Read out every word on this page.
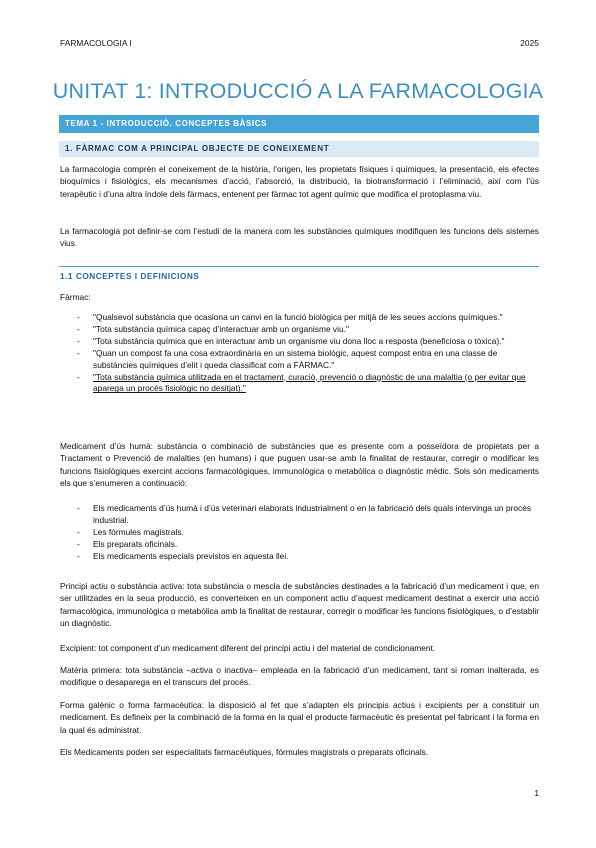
FARMACOLOGIA I	2025
UNITAT 1: INTRODUCCIÓ A LA FARMACOLOGIA
TEMA 1 - INTRODUCCIÓ. CONCEPTES BÀSICS
1. FÀRMAC COM A PRINCIPAL OBJECTE DE CONEIXEMENT
La farmacologia comprèn el coneixement de la història, l’origen, les propietats físiques i químiques, la presentació, els efectes bioquímics i fisiològics, els mecanismes d’acció, l’absorció, la distribució, la biotransformació i l’eliminació, així com l’ús terapèutic i d’una altra índole dels fàrmacs, entenent per fàrmac tot agent químic que modifica el protoplasma viu.
La farmacologia pot definir-se com l’estudi de la manera com les substàncies químiques modifiquen les funcions dels sistemes vius.
1.1 CONCEPTES I DEFINICIONS
Fàrmac:
- "Qualsevol substància que ocasiona un canvi en la funció biològica per mitjà de les seues accions químiques."
- "Tota substància química capaç d’interactuar amb un organisme viu."
- "Tota substància química que en interactuar amb un organisme viu dona lloc a resposta (beneficiosa o tòxica)."
- "Quan un compost fa una cosa extraordinària en un sistema biològic, aquest compost entra en una classe de substàncies químiques d’elit i queda classificat com a FÀRMAC."
- "Tota substància química utilitzada en el tractament, curació, prevenció o diagnòstic de una malaltia (o per evitar que aparega un procés fisiològic no desitjat)."
Medicament d’ús humà: substància o combinació de substàncies que es presente com a posseïdora de propietats per a Tractament o Prevenció de malalties (en humans) i que puguen usar-se amb la finalitat de restaurar, corregir o modificar les funcions fisiològiques exercint accions farmacològiques, immunològica o metabòlica o diagnòstic mèdic. Sols són medicaments els que s’enumeren a continuació:
- Els medicaments d’ús humà i d’ús veterinari elaborats industrialment o en la fabricació dels quals intervinga un procés industrial.
- Les fórmules magistrals.
- Els preparats oficinals.
- Els medicaments especials previstos en aquesta llei.
Principi actiu o substància activa: tota substància o mescla de substàncies destinades a la fabricació d’un medicament i que, en ser utilitzades en la seua producció, es converteixen en un component actiu d’aquest medicament destinat a exercir una acció farmacològica, immunològica o metabòlica amb la finalitat de restaurar, corregir o modificar les funcions fisiològiques, o d’establir un diagnòstic.
Excipient: tot component d’un medicament diferent del principi actiu i del material de condicionament.
Matèria primera: tota substància –activa o inactiva– empleada en la fabricació d’un medicament, tant si roman inalterada, es modifique o desaparega en el transcurs del procés.
Forma galènic o forma farmacèutica: la disposició al fet que s’adapten els principis actius i excipients per a constituir un medicament. Es defineix per la combinació de la forma en la qual el producte farmacèutic és presentat pel fabricant i la forma en la qual és administrat.
Els Medicaments poden ser especialitats farmacèutiques, fórmules magistrals o preparats oficinals.
1
